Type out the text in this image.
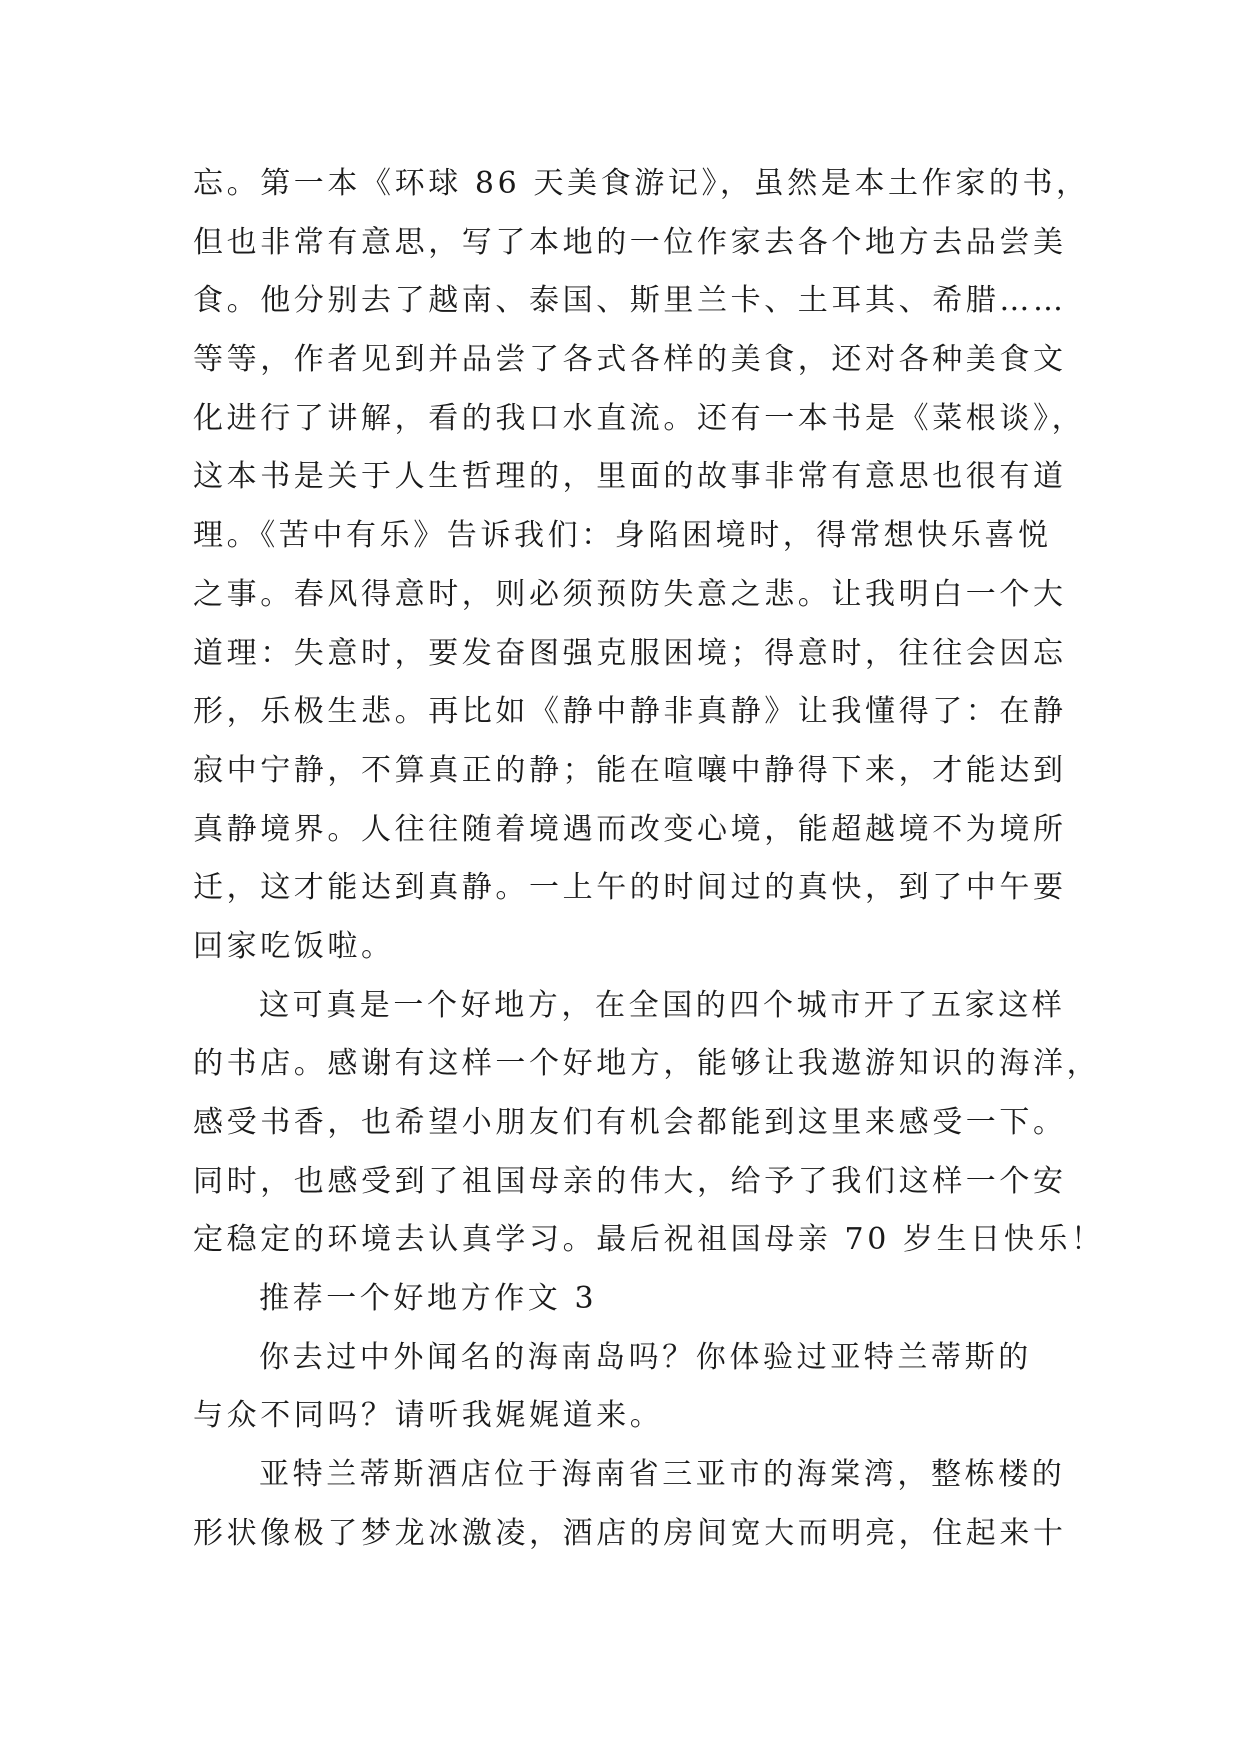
忘。第一本《环球 86 天美食游记》，虽然是本土作家的书，
但也非常有意思，写了本地的一位作家去各个地方去品尝美
食。他分别去了越南、泰国、斯里兰卡、土耳其、希腊……
等等，作者见到并品尝了各式各样的美食，还对各种美食文
化进行了讲解，看的我口水直流。还有一本书是《菜根谈》，
这本书是关于人生哲理的，里面的故事非常有意思也很有道
理。《苦中有乐》告诉我们：身陷困境时，得常想快乐喜悦
之事。春风得意时，则必须预防失意之悲。让我明白一个大
道理：失意时，要发奋图强克服困境；得意时，往往会因忘
形，乐极生悲。再比如《静中静非真静》让我懂得了：在静
寂中宁静，不算真正的静；能在喧嚷中静得下来，才能达到
真静境界。人往往随着境遇而改变心境，能超越境不为境所
迁，这才能达到真静。一上午的时间过的真快，到了中午要
回家吃饭啦。
这可真是一个好地方，在全国的四个城市开了五家这样
的书店。感谢有这样一个好地方，能够让我遨游知识的海洋，
感受书香，也希望小朋友们有机会都能到这里来感受一下。
同时，也感受到了祖国母亲的伟大，给予了我们这样一个安
定稳定的环境去认真学习。最后祝祖国母亲 70 岁生日快乐！
推荐一个好地方作文 3
你去过中外闻名的海南岛吗？你体验过亚特兰蒂斯的
与众不同吗？请听我娓娓道来。
亚特兰蒂斯酒店位于海南省三亚市的海棠湾，整栋楼的
形状像极了梦龙冰激凌，酒店的房间宽大而明亮，住起来十
